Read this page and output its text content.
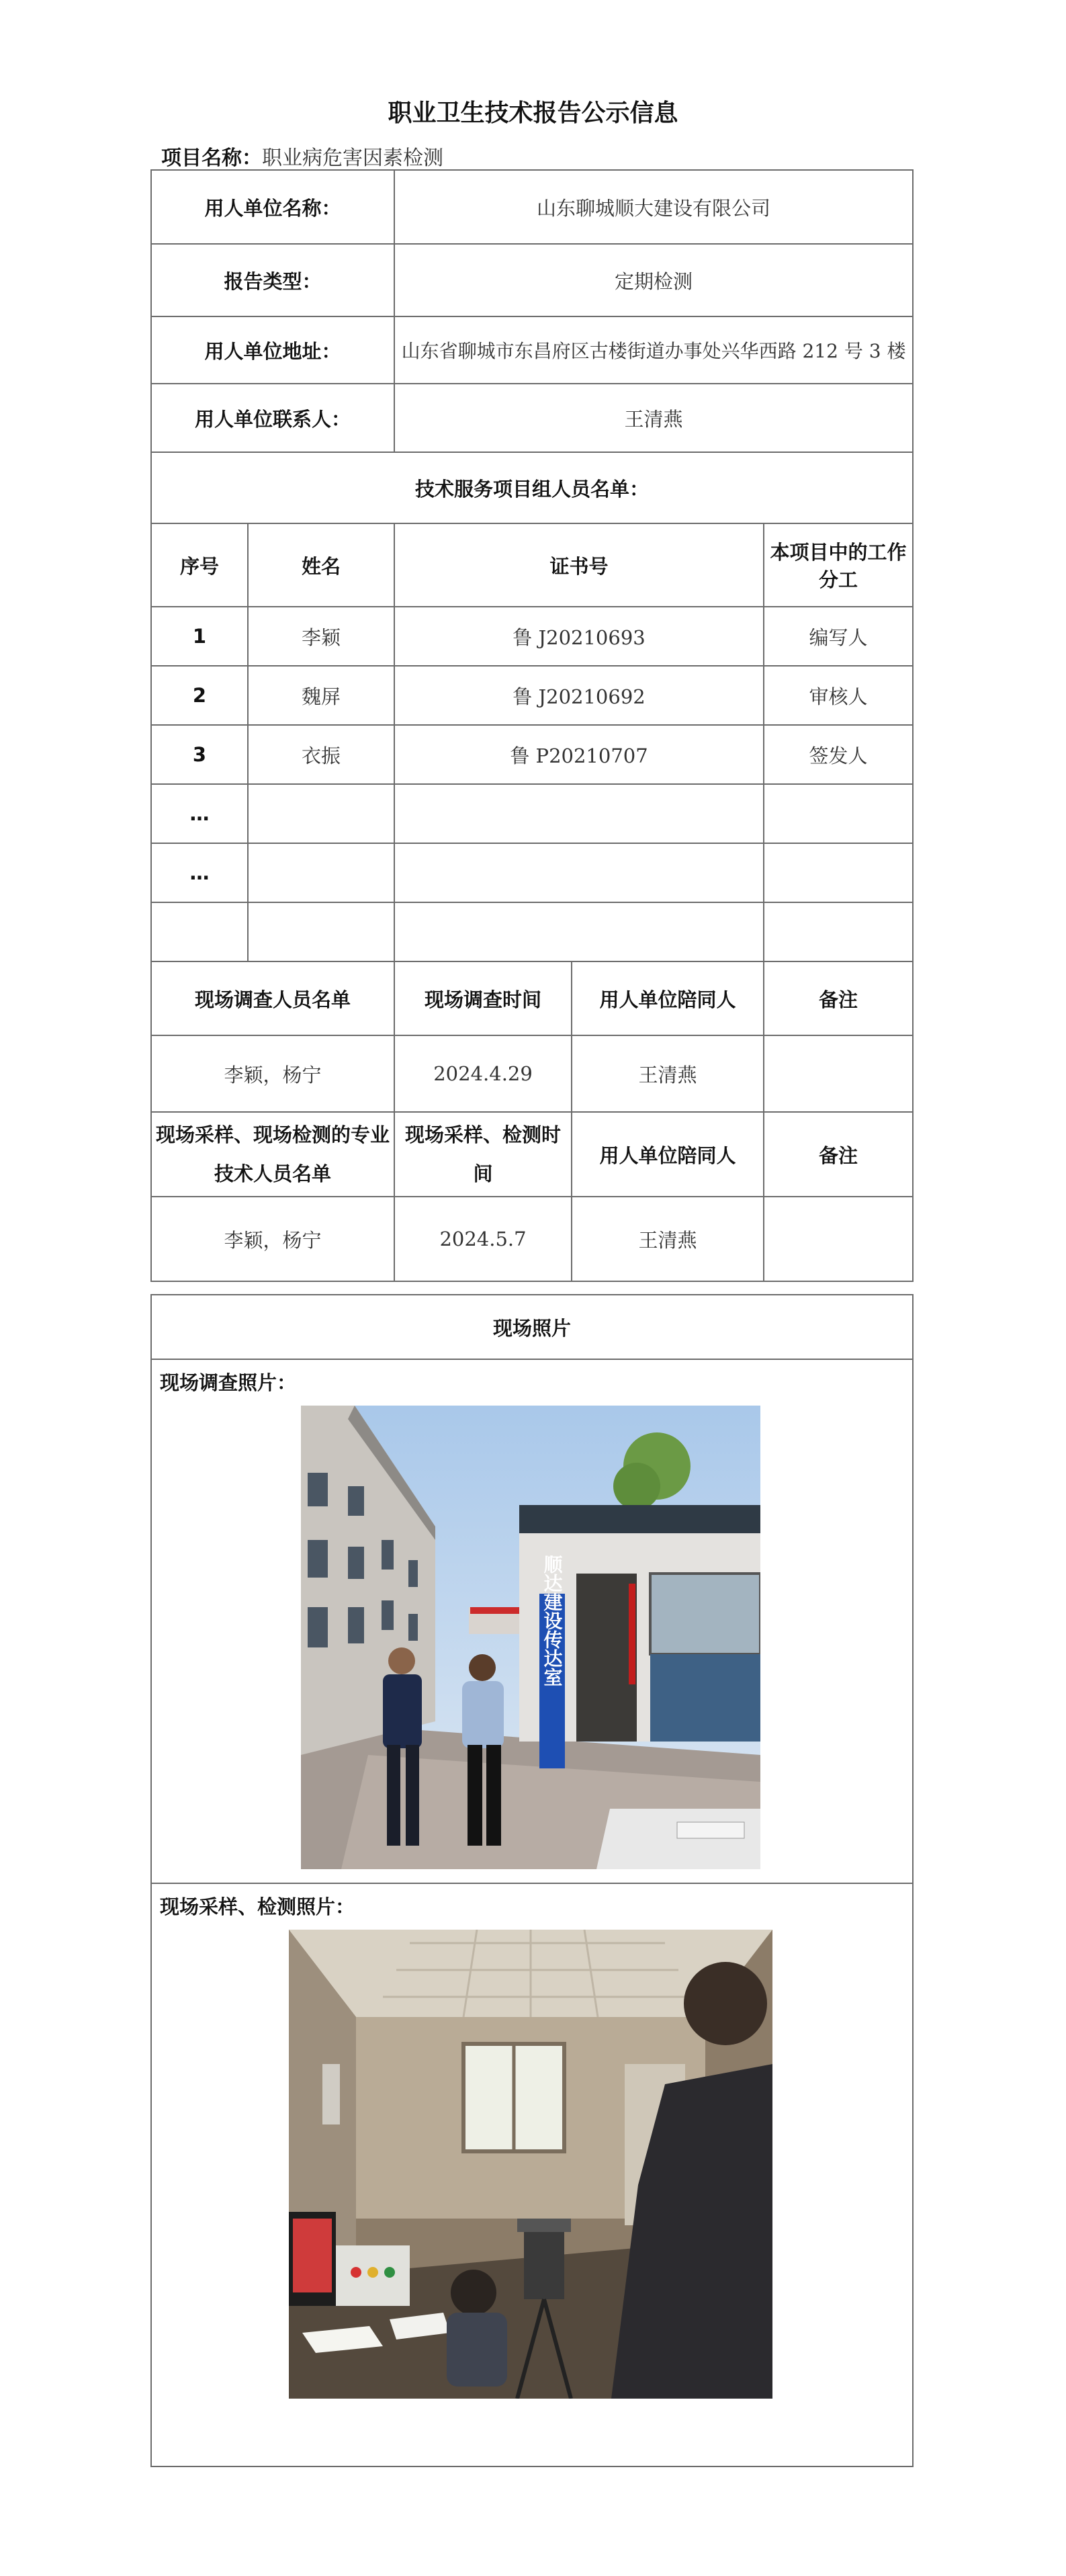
职业卫生技术报告公示信息
项目名称：职业病危害因素检测
用人单位名称：		山东聊城顺大建设有限公司		
报告类型：		定期检测		
用人单位地址：		山东省聊城市东昌府区古楼街道办事处兴华西路 212 号 3 楼		
用人单位联系人：		王清燕		
技术服务项目组人员名单：				
序号	姓名	证书号		本项目中的工作分工
1	李颖	鲁 J20210693		编写人
2	魏屏	鲁 J20210692		审核人
3	衣振	鲁 P20210707		签发人
…				
…				

现场调查人员名单		现场调查时间	用人单位陪同人	备注
李颖，杨宁		2024.4.29	王清燕	
现场采样、现场检测的专业技术人员名单		现场采样、检测时间	用人单位陪同人	备注
李颖，杨宁		2024.5.7	王清燕	
现场照片

现场调查照片：
顺达建设传达室

现场采样、检测照片：
